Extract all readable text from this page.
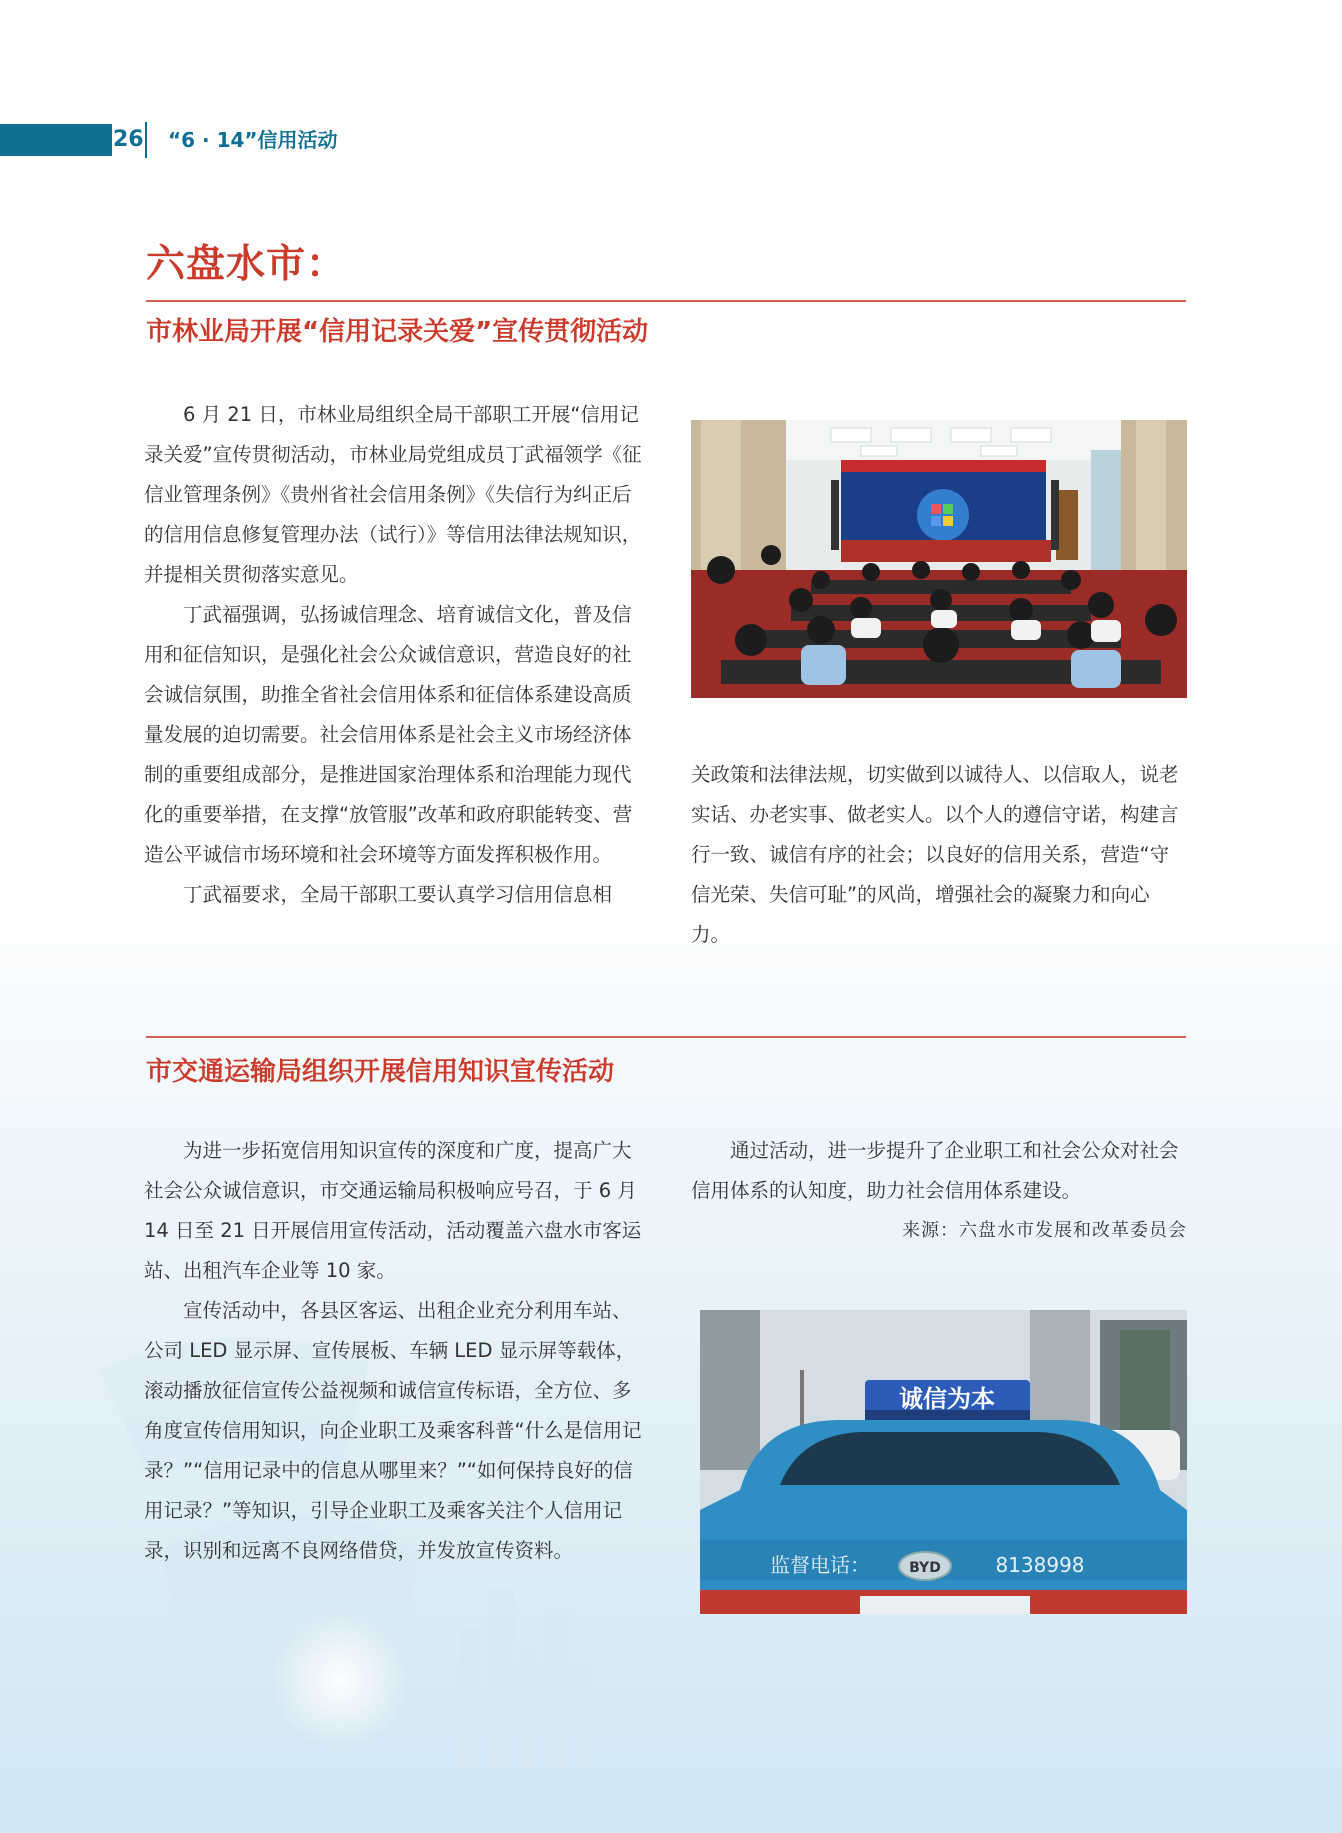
26 “6 · 14”信用活动
六盘水市：
市林业局开展“信用记录关爱”宣传贯彻活动

6 月 21 日，市林业局组织全局干部职工开展“信用记录关爱”宣传贯彻活动，市林业局党组成员丁武福领学《征信业管理条例》《贵州省社会信用条例》《失信行为纠正后的信用信息修复管理办法（试行）》等信用法律法规知识，并提相关贯彻落实意见。

丁武福强调，弘扬诚信理念、培育诚信文化，普及信用和征信知识，是强化社会公众诚信意识，营造良好的社会诚信氛围，助推全省社会信用体系和征信体系建设高质量发展的迫切需要。社会信用体系是社会主义市场经济体制的重要组成部分，是推进国家治理体系和治理能力现代化的重要举措，在支撑“放管服”改革和政府职能转变、营造公平诚信市场环境和社会环境等方面发挥积极作用。

丁武福要求，全局干部职工要认真学习信用信息相

关政策和法律法规，切实做到以诚待人、以信取人，说老实话、办老实事、做老实人。以个人的遵信守诺，构建言行一致、诚信有序的社会；以良好的信用关系，营造“守信光荣、失信可耻”的风尚，增强社会的凝聚力和向心力。

市交通运输局组织开展信用知识宣传活动

为进一步拓宽信用知识宣传的深度和广度，提高广大社会公众诚信意识，市交通运输局积极响应号召，于 6 月 14 日至 21 日开展信用宣传活动，活动覆盖六盘水市客运站、出租汽车企业等 10 家。

宣传活动中，各县区客运、出租企业充分利用车站、公司 LED 显示屏、宣传展板、车辆 LED 显示屏等载体，滚动播放征信宣传公益视频和诚信宣传标语，全方位、多角度宣传信用知识，向企业职工及乘客科普“什么是信用记录？”“信用记录中的信息从哪里来？”“如何保持良好的信用记录？”等知识，引导企业职工及乘客关注个人信用记录，识别和远离不良网络借贷，并发放宣传资料。

通过活动，进一步提升了企业职工和社会公众对社会信用体系的认知度，助力社会信用体系建设。

来源：六盘水市发展和改革委员会
诚信为本
监督电话：	BYD	8138998
